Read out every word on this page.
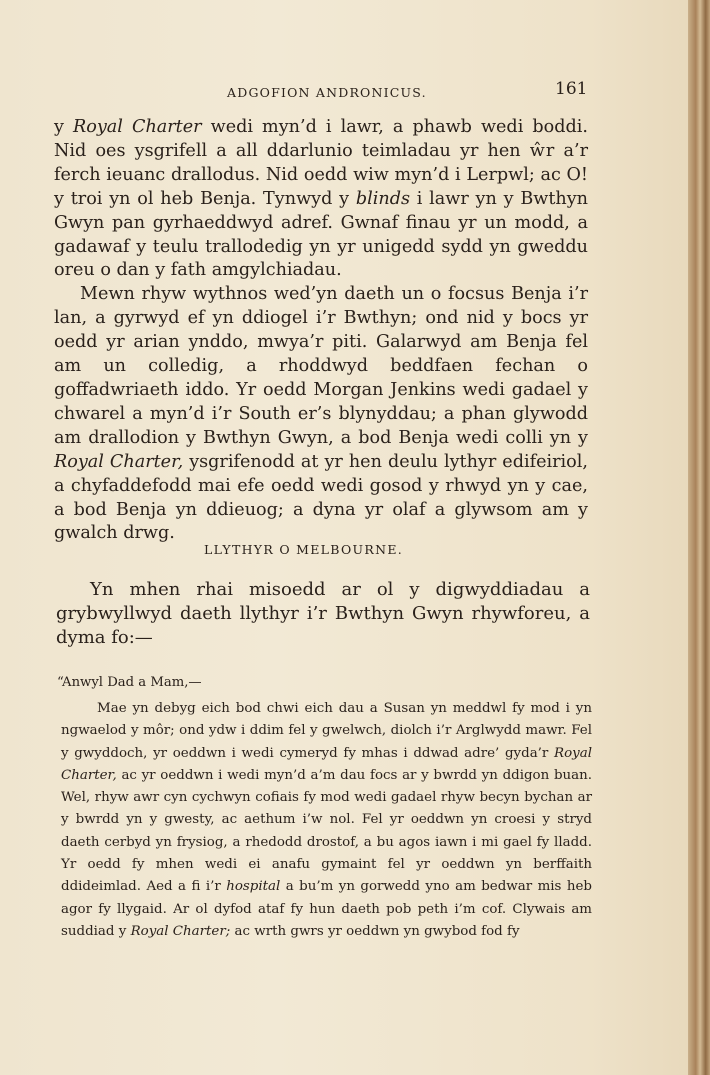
ADGOFION ANDRONICUS.	161

y Royal Charter wedi myn’d i lawr, a phawb wedi boddi. Nid oes ysgrifell a all ddarlunio teimladau yr hen ŵr a’r ferch ieuanc drallodus. Nid oedd wiw myn’d i Lerpwl; ac O! y troi yn ol heb Benja. Tynwyd y blinds i lawr yn y Bwthyn Gwyn pan gyrhaeddwyd adref. Gwnaf finau yr un modd, a gadawaf y teulu trallodedig yn yr unigedd sydd yn gweddu oreu o dan y fath amgylchiadau.

Mewn rhyw wythnos wed’yn daeth un o focsus Benja i’r lan, a gyrwyd ef yn ddiogel i’r Bwthyn; ond nid y bocs yr oedd yr arian ynddo, mwya’r piti. Galarwyd am Benja fel am un colledig, a rhoddwyd beddfaen fechan o goffadwriaeth iddo. Yr oedd Morgan Jenkins wedi gadael y chwarel a myn’d i’r South er’s blynyddau; a phan glywodd am drallodion y Bwthyn Gwyn, a bod Benja wedi colli yn y Royal Charter, ysgrifenodd at yr hen deulu lythyr edifeiriol, a chyfaddefodd mai efe oedd wedi gosod y rhwyd yn y cae, a bod Benja yn ddieuog; a dyna yr olaf a glywsom am y gwalch drwg.

LLYTHYR O MELBOURNE.

Yn mhen rhai misoedd ar ol y digwyddiadau a grybwyllwyd daeth llythyr i’r Bwthyn Gwyn rhywforeu, a dyma fo:—

“Anwyl Dad a Mam,—

Mae yn debyg eich bod chwi eich dau a Susan yn meddwl fy mod i yn ngwaelod y môr; ond ydw i ddim fel y gwelwch, diolch i’r Arglwydd mawr. Fel y gwyddoch, yr oeddwn i wedi cymeryd fy mhas i ddwad adre’ gyda’r Royal Charter, ac yr oeddwn i wedi myn’d a’m dau focs ar y bwrdd yn ddigon buan. Wel, rhyw awr cyn cychwyn cofiais fy mod wedi gadael rhyw becyn bychan ar y bwrdd yn y gwesty, ac aethum i’w nol. Fel yr oeddwn yn croesi y stryd daeth cerbyd yn frysiog, a rhedodd drostof, a bu agos iawn i mi gael fy lladd. Yr oedd fy mhen wedi ei anafu gymaint fel yr oeddwn yn berffaith ddideimlad. Aed a fi i’r hospital a bu’m yn gorwedd yno am bedwar mis heb agor fy llygaid. Ar ol dyfod ataf fy hun daeth pob peth i’m cof. Clywais am suddiad y Royal Charter; ac wrth gwrs yr oeddwn yn gwybod fod fy
